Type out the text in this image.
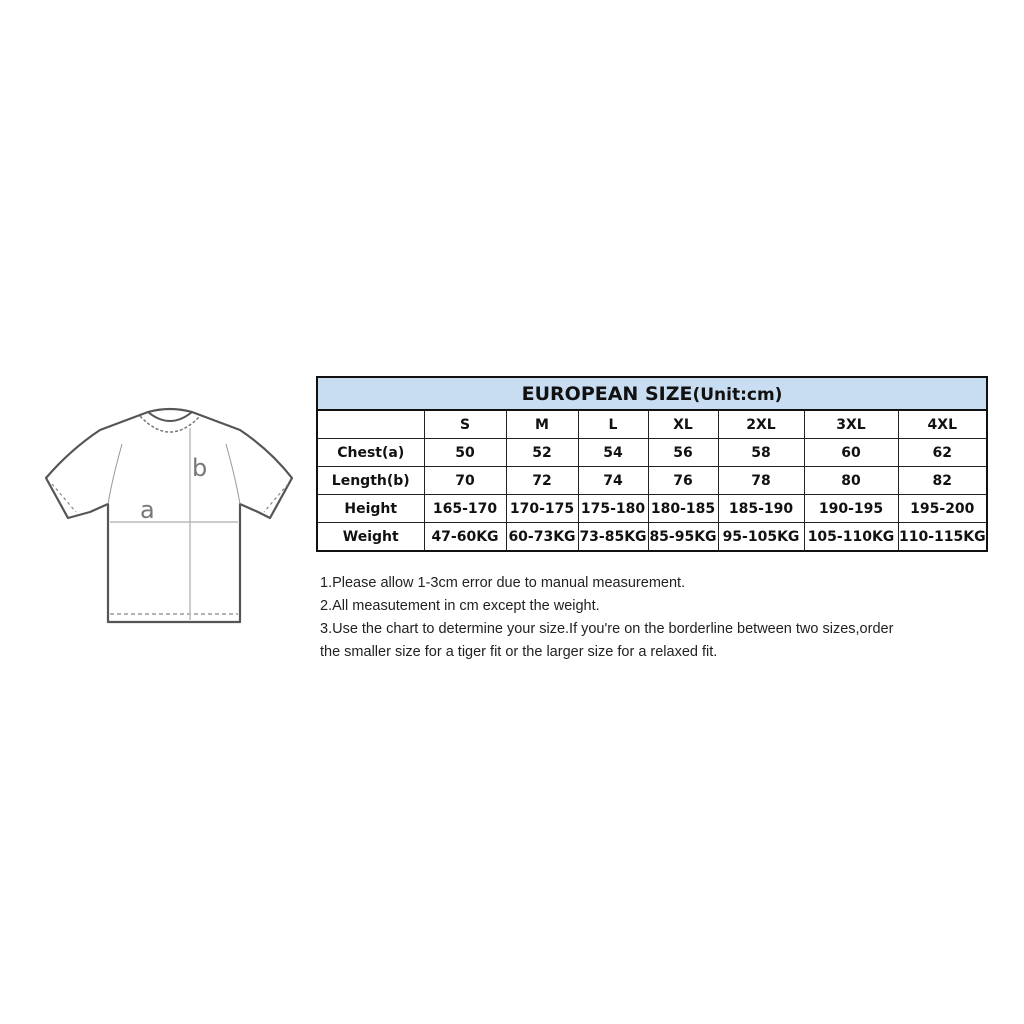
a
b
EUROPEAN SIZE(Unit:cm)							
	S	M	L	XL	2XL	3XL	4XL
Chest(a)	50	52	54	56	58	60	62
Length(b)	70	72	74	76	78	80	82
Height	165-170	170-175	175-180	180-185	185-190	190-195	195-200
Weight	47-60KG	60-73KG	73-85KG	85-95KG	95-105KG	105-110KG	110-115KG
1.Please allow 1-3cm error due to manual measurement.
2.All measutement in cm except the weight.
3.Use the chart to determine your size.If you're on the borderline between two sizes,order
the smaller size for a tiger fit or the larger size for a relaxed fit.
